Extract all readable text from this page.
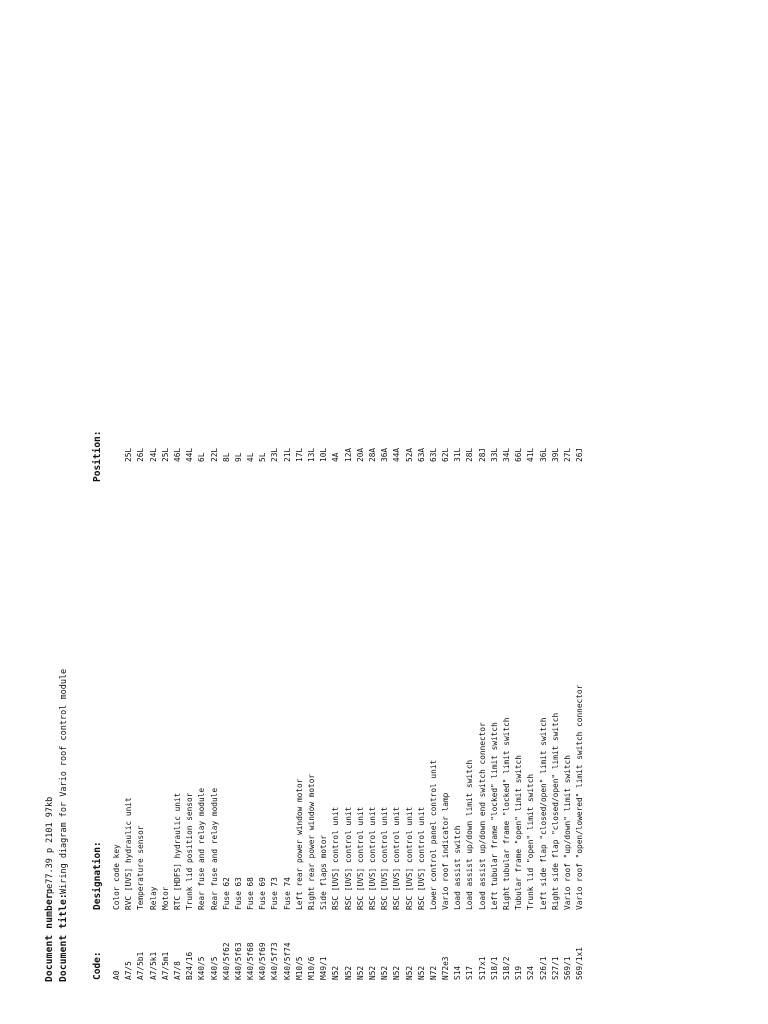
Document number:
pe77.39 p 2101 97kb
Document title:
Wiring diagram for Vario roof control module
Code:
Designation:
Position:
A0
Color code key
A7/5
RVC [UVS] hydraulic unit
25L
A7/5b1
Temperature sensor
26L
A7/5k1
Relay
24L
A7/5m1
Motor
25L
A7/8
RTC [HDFS] hydraulic unit
46L
B24/16
Trunk lid position sensor
44L
K40/5
Rear fuse and relay module
6L
K40/5
Rear fuse and relay module
22L
K40/5f62
Fuse 62
8L
K40/5f63
Fuse 63
9L
K40/5f68
Fuse 68
4L
K40/5f69
Fuse 69
5L
K40/5f73
Fuse 73
23L
K40/5f74
Fuse 74
21L
M10/5
Left rear power window motor
17L
M10/6
Right rear power window motor
13L
M49/1
Side flaps motor
10L
N52
RSC [UVS] control unit
4A
N52
RSC [UVS] control unit
12A
N52
RSC [UVS] control unit
20A
N52
RSC [UVS] control unit
28A
N52
RSC [UVS] control unit
36A
N52
RSC [UVS] control unit
44A
N52
RSC [UVS] control unit
52A
N52
RSC [UVS] control unit
63A
N72
Lower control panel control unit
63L
N72e3
Vario roof indicator lamp
62L
S14
Load assist switch
31L
S17
Load assist up/down limit switch
28L
S17x1
Load assist up/down end switch connector
28J
S18/1
Left tubular frame "locked" limit switch
33L
S18/2
Right tubular frame "locked" limit switch
34L
S19
Tubular frame "open" limit switch
66L
S24
Trunk lid "open" limit switch
41L
S26/1
Left side flap "closed/open" limit switch
36L
S27/1
Right side flap "closed/open" limit switch
39L
S69/1
Vario roof "up/down" limit switch
27L
S69/1x1
Vario roof "open/lowered" limit switch connector
26J
